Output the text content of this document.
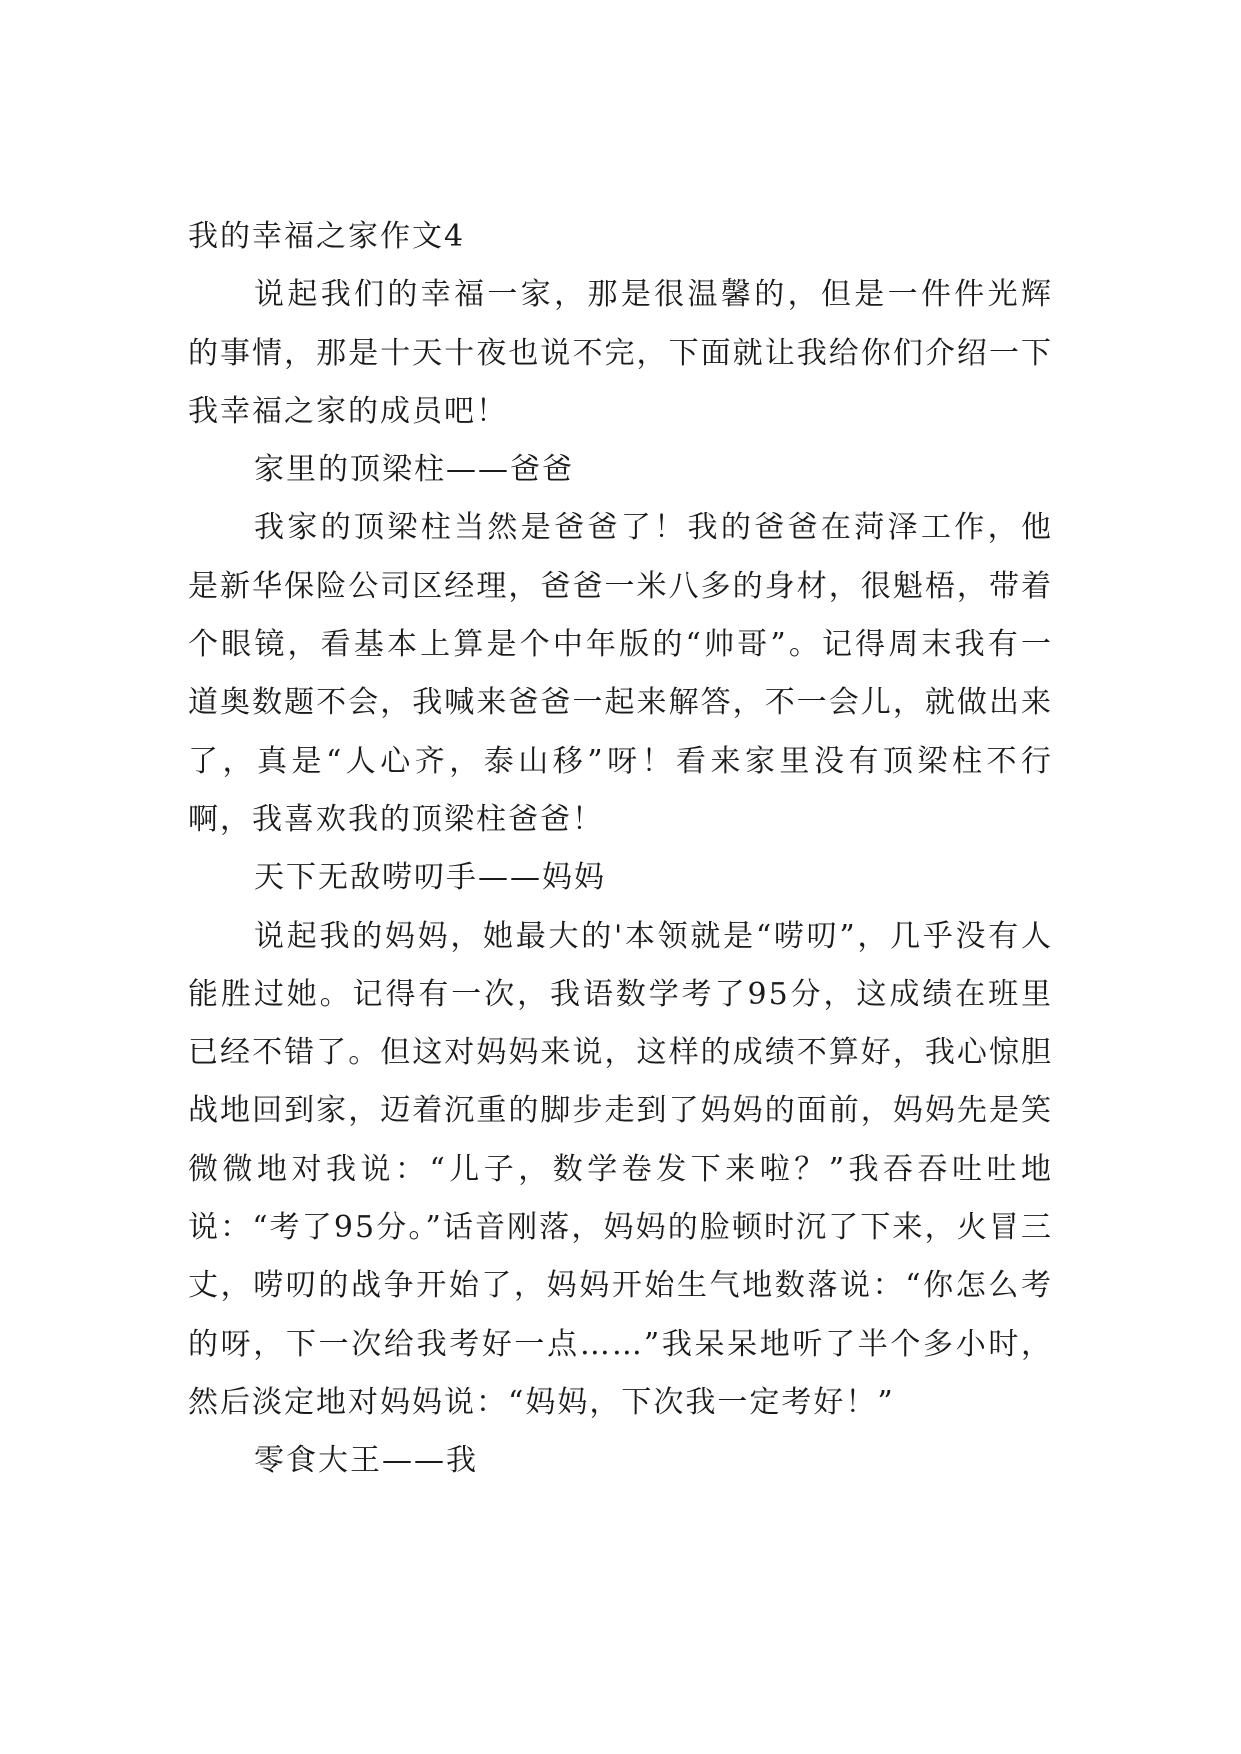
我的幸福之家作文4

说起我们的幸福一家，那是很温馨的，但是一件件光辉的事情，那是十天十夜也说不完，下面就让我给你们介绍一下我幸福之家的成员吧！

家里的顶梁柱——爸爸

我家的顶梁柱当然是爸爸了！我的爸爸在菏泽工作，他是新华保险公司区经理，爸爸一米八多的身材，很魁梧，带着个眼镜，看基本上算是个中年版的“帅哥”。记得周末我有一道奥数题不会，我喊来爸爸一起来解答，不一会儿，就做出来了，真是“人心齐，泰山移”呀！看来家里没有顶梁柱不行啊，我喜欢我的顶梁柱爸爸！

天下无敌唠叨手——妈妈

说起我的妈妈，她最大的'本领就是“唠叨”，几乎没有人能胜过她。记得有一次，我语数学考了95分，这成绩在班里已经不错了。但这对妈妈来说，这样的成绩不算好，我心惊胆战地回到家，迈着沉重的脚步走到了妈妈的面前，妈妈先是笑微微地对我说：“儿子，数学卷发下来啦？”我吞吞吐吐地说：“考了95分。”话音刚落，妈妈的脸顿时沉了下来，火冒三丈，唠叨的战争开始了，妈妈开始生气地数落说：“你怎么考的呀，下一次给我考好一点……”我呆呆地听了半个多小时，然后淡定地对妈妈说：“妈妈，下次我一定考好！”

零食大王——我
